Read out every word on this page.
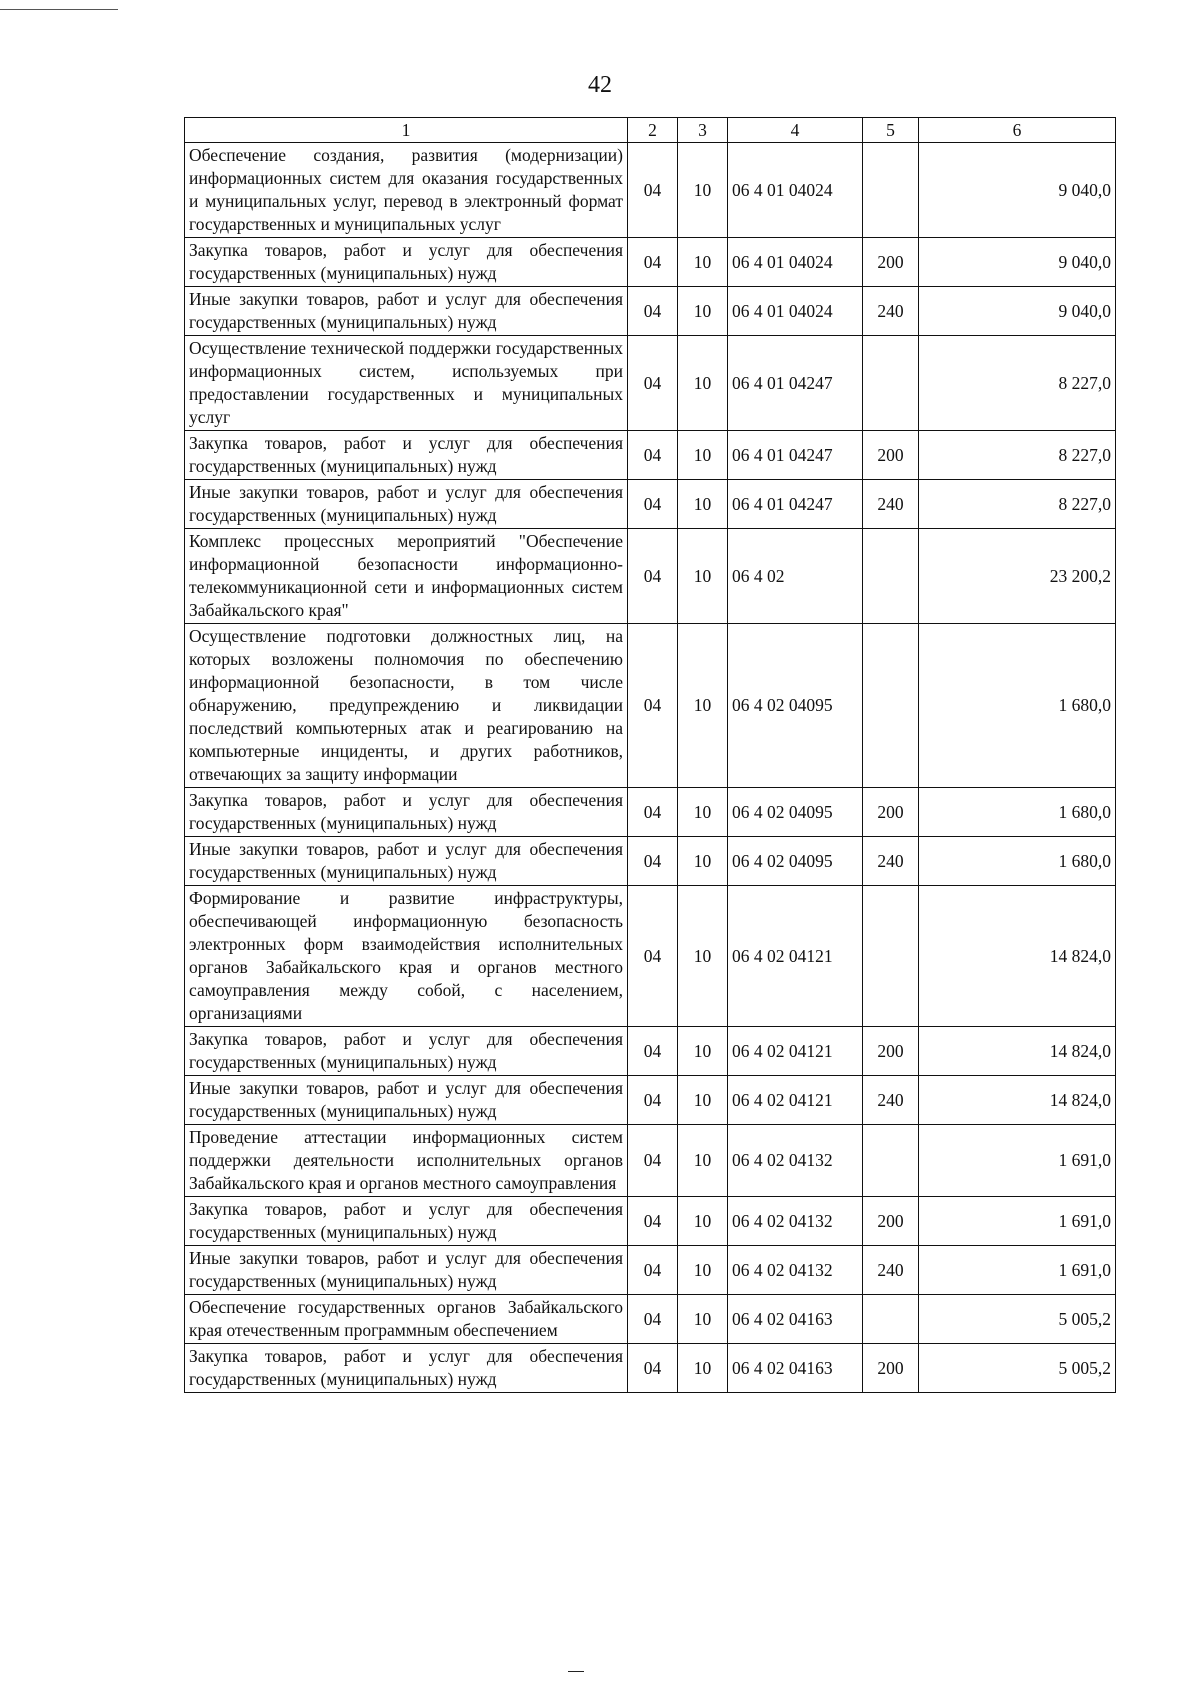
42
1	2	3	4	5	6
Обеспечение создания, развития (модернизации) информационных систем для оказания государственных и муниципальных услуг, перевод в электронный формат государственных и муниципальных услуг	04	10	06 4 01 04024		9 040,0
Закупка товаров, работ и услуг для обеспечения государственных (муниципальных) нужд	04	10	06 4 01 04024	200	9 040,0
Иные закупки товаров, работ и услуг для обеспечения государственных (муниципальных) нужд	04	10	06 4 01 04024	240	9 040,0
Осуществление технической поддержки государственных информационных систем, используемых при предоставлении государственных и муниципальных услуг	04	10	06 4 01 04247		8 227,0
Закупка товаров, работ и услуг для обеспечения государственных (муниципальных) нужд	04	10	06 4 01 04247	200	8 227,0
Иные закупки товаров, работ и услуг для обеспечения государственных (муниципальных) нужд	04	10	06 4 01 04247	240	8 227,0
Комплекс процессных мероприятий "Обеспечение информационной безопасности информационно-телекоммуникационной сети и информационных систем Забайкальского края"	04	10	06 4 02		23 200,2
Осуществление подготовки должностных лиц, на которых возложены полномочия по обеспечению информационной безопасности, в том числе обнаружению, предупреждению и ликвидации последствий компьютерных атак и реагированию на компьютерные инциденты, и других работников, отвечающих за защиту информации	04	10	06 4 02 04095		1 680,0
Закупка товаров, работ и услуг для обеспечения государственных (муниципальных) нужд	04	10	06 4 02 04095	200	1 680,0
Иные закупки товаров, работ и услуг для обеспечения государственных (муниципальных) нужд	04	10	06 4 02 04095	240	1 680,0
Формирование и развитие инфраструктуры, обеспечивающей информационную безопасность электронных форм взаимодействия исполнительных органов Забайкальского края и органов местного самоуправления между собой, с населением, организациями	04	10	06 4 02 04121		14 824,0
Закупка товаров, работ и услуг для обеспечения государственных (муниципальных) нужд	04	10	06 4 02 04121	200	14 824,0
Иные закупки товаров, работ и услуг для обеспечения государственных (муниципальных) нужд	04	10	06 4 02 04121	240	14 824,0
Проведение аттестации информационных систем поддержки деятельности исполнительных органов Забайкальского края и органов местного самоуправления	04	10	06 4 02 04132		1 691,0
Закупка товаров, работ и услуг для обеспечения государственных (муниципальных) нужд	04	10	06 4 02 04132	200	1 691,0
Иные закупки товаров, работ и услуг для обеспечения государственных (муниципальных) нужд	04	10	06 4 02 04132	240	1 691,0
Обеспечение государственных органов Забайкальского края отечественным программным обеспечением	04	10	06 4 02 04163		5 005,2
Закупка товаров, работ и услуг для обеспечения государственных (муниципальных) нужд	04	10	06 4 02 04163	200	5 005,2
